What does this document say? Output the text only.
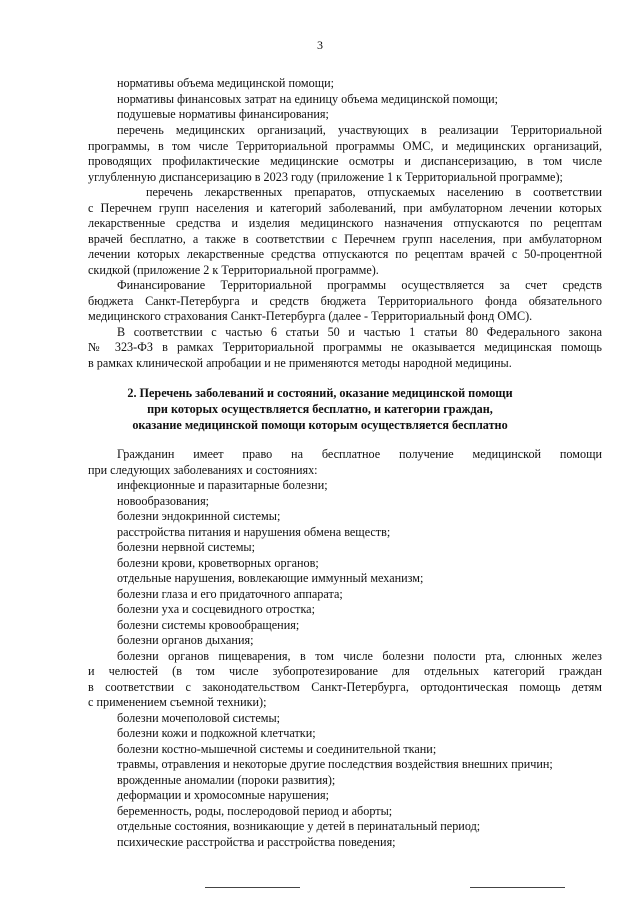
3
нормативы объема медицинской помощи;
нормативы финансовых затрат на единицу объема медицинской помощи;
подушевые нормативы финансирования;
перечень медицинских организаций, участвующих в реализации Территориальной
программы, в том числе Территориальной программы ОМС, и медицинских организаций,
проводящих профилактические медицинские осмотры и диспансеризацию, в том числе
углубленную диспансеризацию в 2023 году (приложение 1 к Территориальной программе);
перечень лекарственных препаратов, отпускаемых населению в соответствии
с Перечнем групп населения и категорий заболеваний, при амбулаторном лечении которых
лекарственные средства и изделия медицинского назначения отпускаются по рецептам
врачей бесплатно, а также в соответствии с Перечнем групп населения, при амбулаторном
лечении которых лекарственные средства отпускаются по рецептам врачей с 50-процентной
скидкой (приложение 2 к Территориальной программе).
Финансирование Территориальной программы осуществляется за счет средств
бюджета Санкт-Петербурга и средств бюджета Территориального фонда обязательного
медицинского страхования Санкт-Петербурга (далее - Территориальный фонд ОМС).
В соответствии с частью 6 статьи 50 и частью 1 статьи 80 Федерального закона
№ 323-ФЗ в рамках Территориальной программы не оказывается медицинская помощь
в рамках клинической апробации и не применяются методы народной медицины.
2. Перечень заболеваний и состояний, оказание медицинской помощи
при которых осуществляется бесплатно, и категории граждан,
оказание медицинской помощи которым осуществляется бесплатно
Гражданин имеет право на бесплатное получение медицинской помощи
при следующих заболеваниях и состояниях:
инфекционные и паразитарные болезни;
новообразования;
болезни эндокринной системы;
расстройства питания и нарушения обмена веществ;
болезни нервной системы;
болезни крови, кроветворных органов;
отдельные нарушения, вовлекающие иммунный механизм;
болезни глаза и его придаточного аппарата;
болезни уха и сосцевидного отростка;
болезни системы кровообращения;
болезни органов дыхания;
болезни органов пищеварения, в том числе болезни полости рта, слюнных желез
и челюстей (в том числе зубопротезирование для отдельных категорий граждан
в соответствии с законодательством Санкт-Петербурга, ортодонтическая помощь детям
с применением съемной техники);
болезни мочеполовой системы;
болезни кожи и подкожной клетчатки;
болезни костно-мышечной системы и соединительной ткани;
травмы, отравления и некоторые другие последствия воздействия внешних причин;
врожденные аномалии (пороки развития);
деформации и хромосомные нарушения;
беременность, роды, послеродовой период и аборты;
отдельные состояния, возникающие у детей в перинатальный период;
психические расстройства и расстройства поведения;
